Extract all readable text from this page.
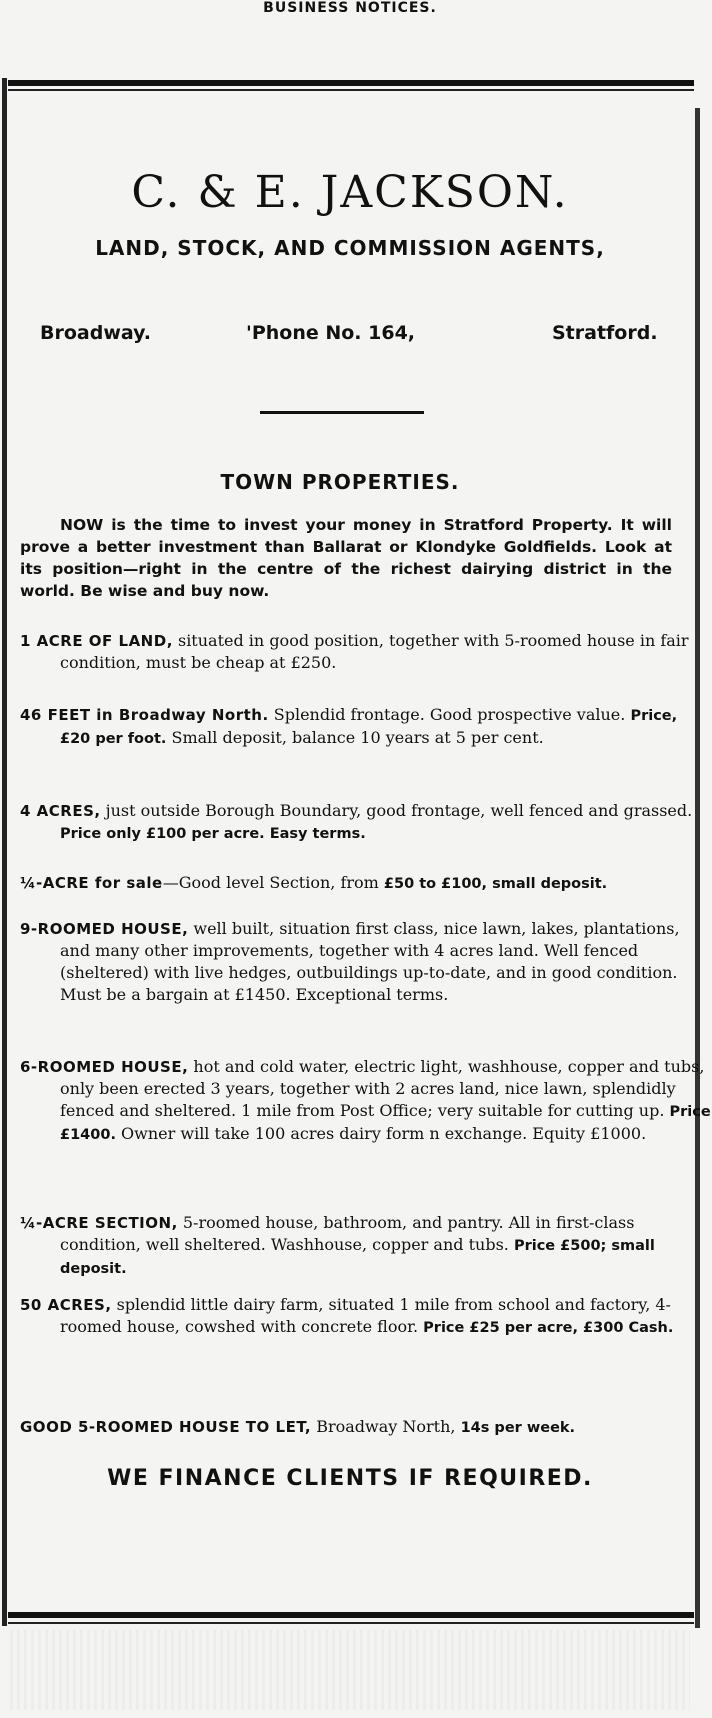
BUSINESS NOTICES.
C. & E. JACKSON.
LAND, STOCK, AND COMMISSION AGENTS,
Broadway.	'Phone No. 164,	Stratford.
TOWN PROPERTIES.
NOW is the time to invest your money in Stratford Property. It will prove a better investment than Ballarat or Klondyke Goldfields. Look at its position—right in the centre of the richest dairying district in the world. Be wise and buy now.
1 ACRE OF LAND, situated in good position, together with 5-roomed house in fair condition, must be cheap at £250.
46 FEET in Broadway North. Splendid frontage. Good prospective value. Price, £20 per foot. Small deposit, balance 10 years at 5 per cent.
4 ACRES, just outside Borough Boundary, good frontage, well fenced and grassed. Price only £100 per acre. Easy terms.
¼-ACRE for sale—Good level Section, from £50 to £100, small deposit.
9-ROOMED HOUSE, well built, situation first class, nice lawn, lakes, plantations, and many other improvements, together with 4 acres land. Well fenced (sheltered) with live hedges, outbuildings up-to-date, and in good condition. Must be a bargain at £1450. Exceptional terms.
6-ROOMED HOUSE, hot and cold water, electric light, washhouse, copper and tubs, only been erected 3 years, together with 2 acres land, nice lawn, splendidly fenced and sheltered. 1 mile from Post Office; very suitable for cutting up. Price £1400. Owner will take 100 acres dairy form n exchange. Equity £1000.
¼-ACRE SECTION, 5-roomed house, bathroom, and pantry. All in first-class condition, well sheltered. Washhouse, copper and tubs. Price £500; small deposit.
50 ACRES, splendid little dairy farm, situated 1 mile from school and factory, 4-roomed house, cowshed with concrete floor. Price £25 per acre, £300 Cash.
GOOD 5-ROOMED HOUSE TO LET, Broadway North, 14s per week.
WE FINANCE CLIENTS IF REQUIRED.
